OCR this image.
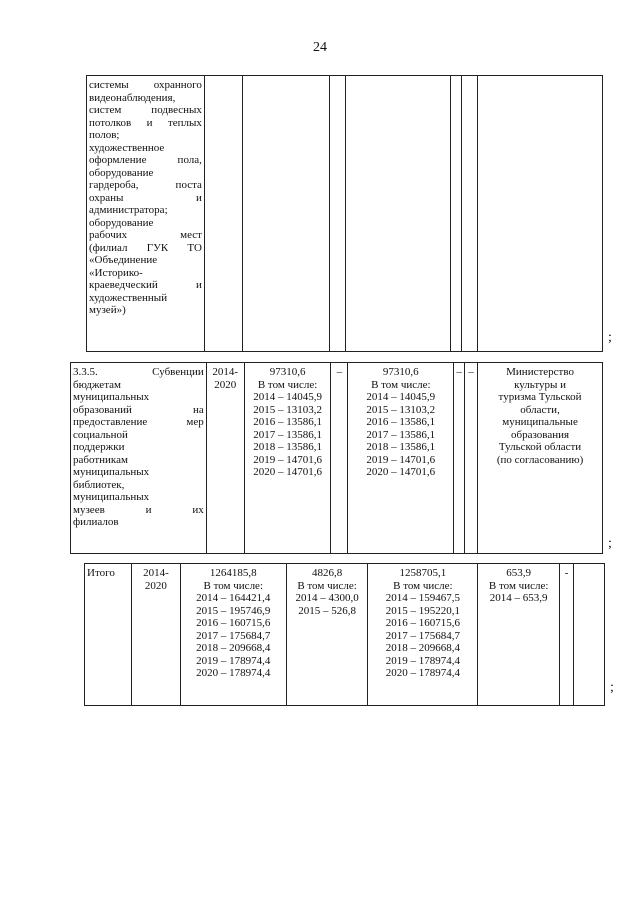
24
системы охранного
видеонаблюдения,
систем подвесных
потолков и теплых
полов;
художественное
оформление пола,
оборудование
гардероба, поста
охраны и
администратора;
оборудование
рабочих мест
(филиал ГУК ТО
«Объединение
«Историко-
краеведческий и
художественный
музей»)

;
3.3.5. Субвенции
бюджетам
муниципальных
образований на
предоставление мер
социальной
поддержки
работникам
муниципальных
библиотек,
муниципальных
музеев и их
филиалов
	2014-2020	
97310,6
В том числе:
2014 – 14045,9
2015 – 13103,2
2016 – 13586,1
2017 – 13586,1
2018 – 13586,1
2019 – 14701,6
2020 – 14701,6
	–	97310,6
В том числе:
2014 – 14045,9
2015 – 13103,2
2016 – 13586,1
2017 – 13586,1
2018 – 13586,1
2019 – 14701,6
2020 – 14701,6
	–	–	Министерство
культуры и
туризма Тульской
области,
муниципальные
образования
Тульской области
(по согласованию)
;
Итого	2014-2020	
1264185,8
В том числе:
2014 – 164421,4
2015 – 195746,9
2016 – 160715,6
2017 – 175684,7
2018 – 209668,4
2019 – 178974,4
2020 – 178974,4

4826,8
В том числе:
2014 – 4300,0
2015 – 526,8

1258705,1
В том числе:
2014 – 159467,5
2015 – 195220,1
2016 – 160715,6
2017 – 175684,7
2018 – 209668,4
2019 – 178974,4
2020 – 178974,4

653,9
В том числе:
2014 – 653,9
	-	
;
